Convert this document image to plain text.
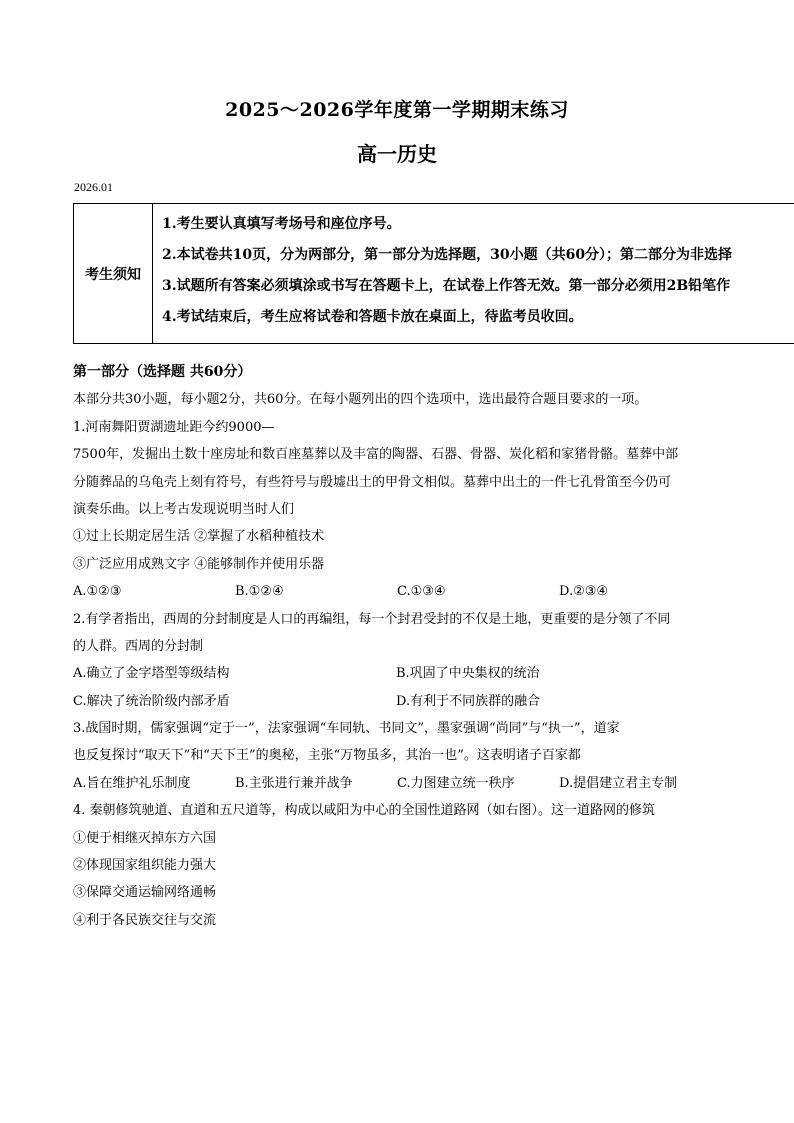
2025～2026学年度第一学期期末练习
高一历史
2026.01
考生须知
1.考生要认真填写考场号和座位序号。
2.本试卷共10页，分为两部分，第一部分为选择题，30小题（共60分）；第二部分为非选择
3.试题所有答案必须填涂或书写在答题卡上，在试卷上作答无效。第一部分必须用2B铅笔作
4.考试结束后，考生应将试卷和答题卡放在桌面上，待监考员收回。
第一部分（选择题 共60分）
本部分共30小题，每小题2分，共60分。在每小题列出的四个选项中，选出最符合题目要求的一项。
1.河南舞阳贾湖遗址距今约9000—
7500年，发掘出土数十座房址和数百座墓葬以及丰富的陶器、石器、骨器、炭化稻和家猪骨骼。墓葬中部
分随葬品的乌龟壳上刻有符号，有些符号与殷墟出土的甲骨文相似。墓葬中出土的一件七孔骨笛至今仍可
演奏乐曲。以上考古发现说明当时人们
①过上长期定居生活 ②掌握了水稻种植技术
③广泛应用成熟文字 ④能够制作并使用乐器
A.①②③	B.①②④	C.①③④	D.②③④
2.有学者指出，西周的分封制度是人口的再编组，每一个封君受封的不仅是土地，更重要的是分领了不同
的人群。西周的分封制
A.确立了金字塔型等级结构	B.巩固了中央集权的统治
C.解决了统治阶级内部矛盾	D.有利于不同族群的融合
3.战国时期，儒家强调“定于一”，法家强调“车同轨、书同文”，墨家强调“尚同”与“执一”，道家
也反复探讨“取天下”和“天下王”的奥秘，主张“万物虽多，其治一也”。这表明诸子百家都
A.旨在维护礼乐制度	B.主张进行兼并战争	C.力图建立统一秩序	D.提倡建立君主专制
4. 秦朝修筑驰道、直道和五尺道等，构成以咸阳为中心的全国性道路网（如右图）。这一道路网的修筑
①便于相继灭掉东方六国
②体现国家组织能力强大
③保障交通运输网络通畅
④利于各民族交往与交流
